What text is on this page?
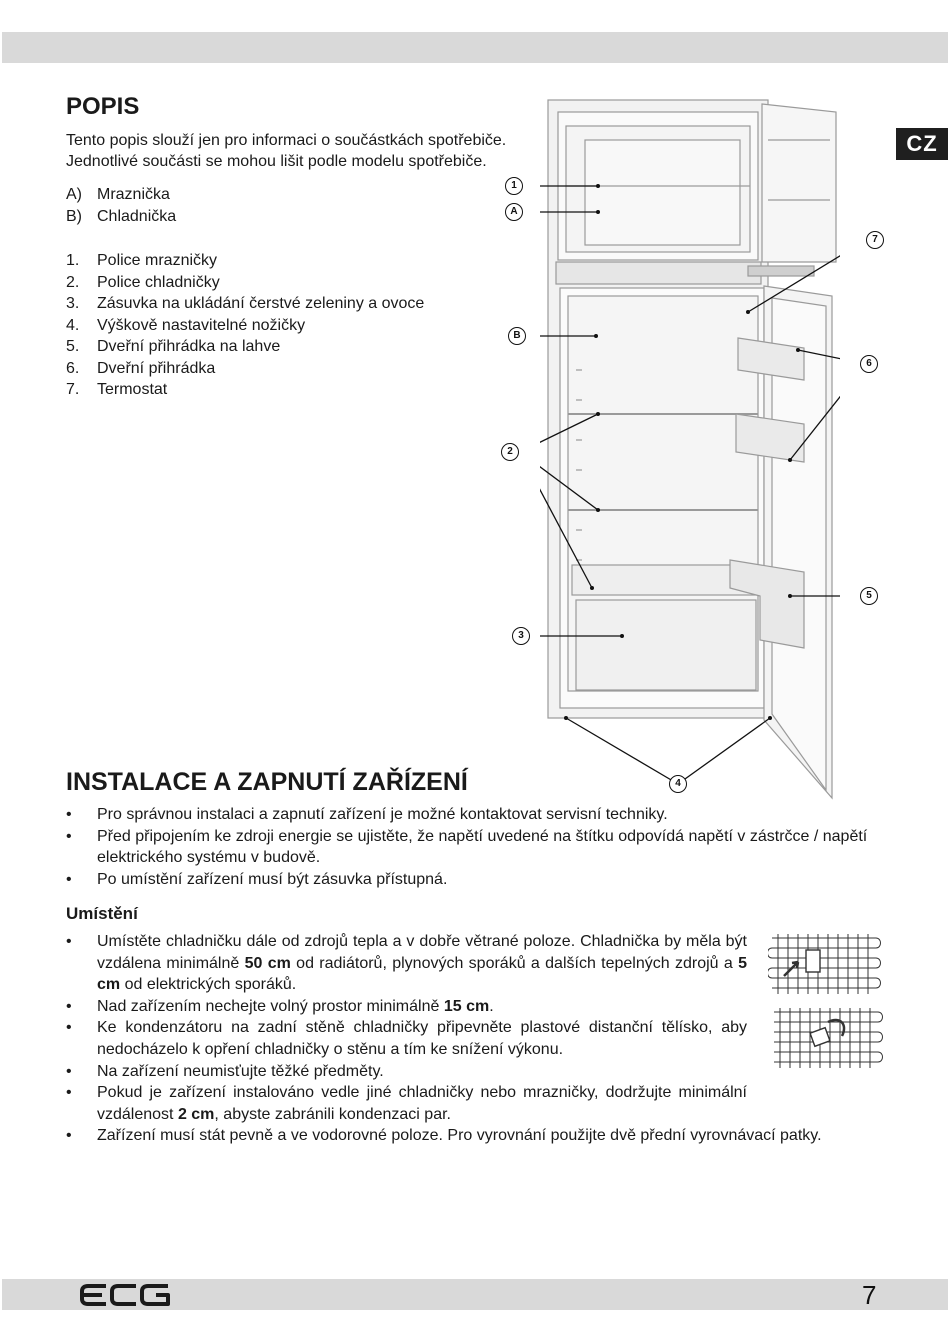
CZ
POPIS
Tento popis slouží jen pro informaci o součástkách spotřebiče.
Jednotlivé součásti se mohou lišit podle modelu spotřebiče.
A) Mraznička
B) Chladnička
1. Police mrazničky
2. Police chladničky
3. Zásuvka na ukládání čerstvé zeleniny a ovoce
4. Výškově nastavitelné nožičky
5. Dveřní přihrádka na lahve
6. Dveřní přihrádka
7. Termostat
1
A
7
B
6
2
5
3
4
INSTALACE A ZAPNUTÍ ZAŘÍZENÍ
• Pro správnou instalaci a zapnutí zařízení je možné kontaktovat servisní techniky.
• Před připojením ke zdroji energie se ujistěte, že napětí uvedené na štítku odpovídá napětí v zástrčce / napětí elektrického systému v budově.
• Po umístění zařízení musí být zásuvka přístupná.
Umístění
• Umístěte chladničku dále od zdrojů tepla a v dobře větrané poloze. Chladnička by měla být vzdálena minimálně 50 cm od radiátorů, plynových sporáků a dalších tepelných zdrojů a 5 cm od elektrických sporáků.
• Nad zařízením nechejte volný prostor minimálně 15 cm.
• Ke kondenzátoru na zadní stěně chladničky připevněte plastové distanční tělísko, aby nedocházelo k opření chladničky o stěnu a tím ke snížení výkonu.
• Na zařízení neumisťujte těžké předměty.
• Pokud je zařízení instalováno vedle jiné chladničky nebo mrazničky, dodržujte minimální vzdálenost 2 cm, abyste zabránili kondenzaci par.
• Zařízení musí stát pevně a ve vodorovné poloze. Pro vyrovnání použijte dvě přední vyrovnávací patky.
7
